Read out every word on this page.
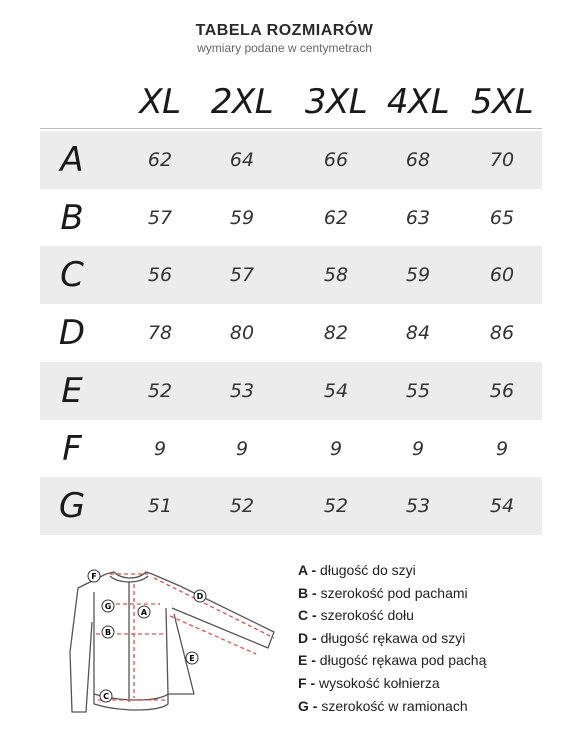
TABELA ROZMIARÓW
wymiary podane w centymetrach
XL 2XL 3XL 4XL 5XL
A	62	64	66	68	70
B	57	59	62	63	65
C	56	57	58	59	60
D	78	80	82	84	86
E	52	53	54	55	56
F	9	9	9	9	9
G	51	52	52	53	54
F
G
A
B
D
E
C
A - długość do szyi
B - szerokość pod pachami
C - szerokość dołu
D - długość rękawa od szyi
E - długość rękawa pod pachą
F - wysokość kołnierza
G - szerokość w ramionach
